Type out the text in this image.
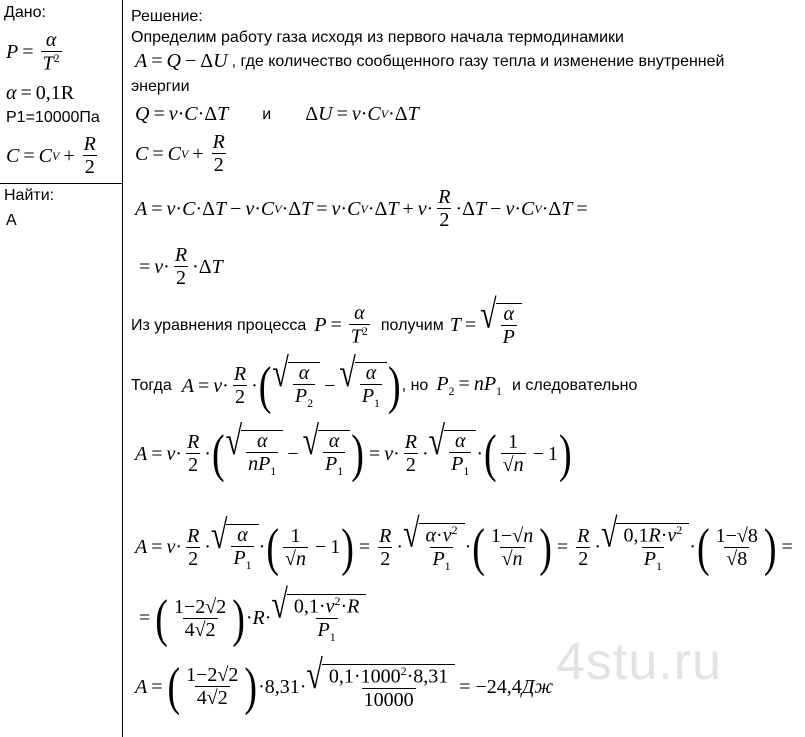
Дано:
$P = \frac{\alpha}{T^2}$
α = 0,1R
P1=10000Па
C = C $V + \frac{R}{2}$
Найти:
A
Решение:
Определим работу газа исходя из первого начала термодинамики
A = Q − ΔU , где количество сообщенного газу тепла и изменение внутренней
энергии
Q = ν · C ·Δ T и Δ U = ν · C V ·Δ T
C = C $V + \frac{R}{2}$
A = ν · C ·Δ T − ν · C V ·Δ T = ν · C V ·Δ $T + \nu \cdot \frac{R}{2} \cdot\Delta$ T − ν · C V ·Δ T =
= $\nu \cdot \frac{R}{2} \cdot\Delta$ T
Из уравнения процесса $P = \frac{\alpha}{T^2}$ получим T = √ $\frac{\alpha}{P}$
Тогда $A = \nu \cdot \frac{R}{2}$ · ( √ $\frac{\alpha}{P_2}$ − √ $\frac{\alpha}{P_1}$ ) , но $P_2 = nP_1$ и следовательно
$A = \nu \cdot \frac{R}{2}$ · ( √ $\frac{\alpha}{nP_1}$ − √ $\frac{\alpha}{P_1}$ ) = $\nu \cdot \frac{R}{2}$ · √ $\frac{\alpha}{P_1}$ · ( $\frac{1}{√n} - 1$ )
$A = \nu \cdot \frac{R}{2}$ · √ $\frac{\alpha}{P_1}$ · ( $\frac{1}{√n} - 1$ ) = $\frac{R}{2}$ · √ $\frac{\alpha\cdot\nu^2}{P_1}$ · ( $\frac{1-√n}{√n}$ ) = $\frac{R}{2}$ · √ $\frac{0,1R\cdot\nu^2}{P_1}$ · ( $\frac{1-√8}{√8}$ ) =
= ( $\frac{1-2√2}{4√2}$ ) · R · √ $\frac{0,1\cdot\nu^2\cdot R}{P_1}$
A = ( $\frac{1-2√2}{4√2}$ ) · 8,31 · √ $\frac{0,1\cdot 1000^2\cdot 8,31}{10000} = -24,4$ Дж 4stu.ru
